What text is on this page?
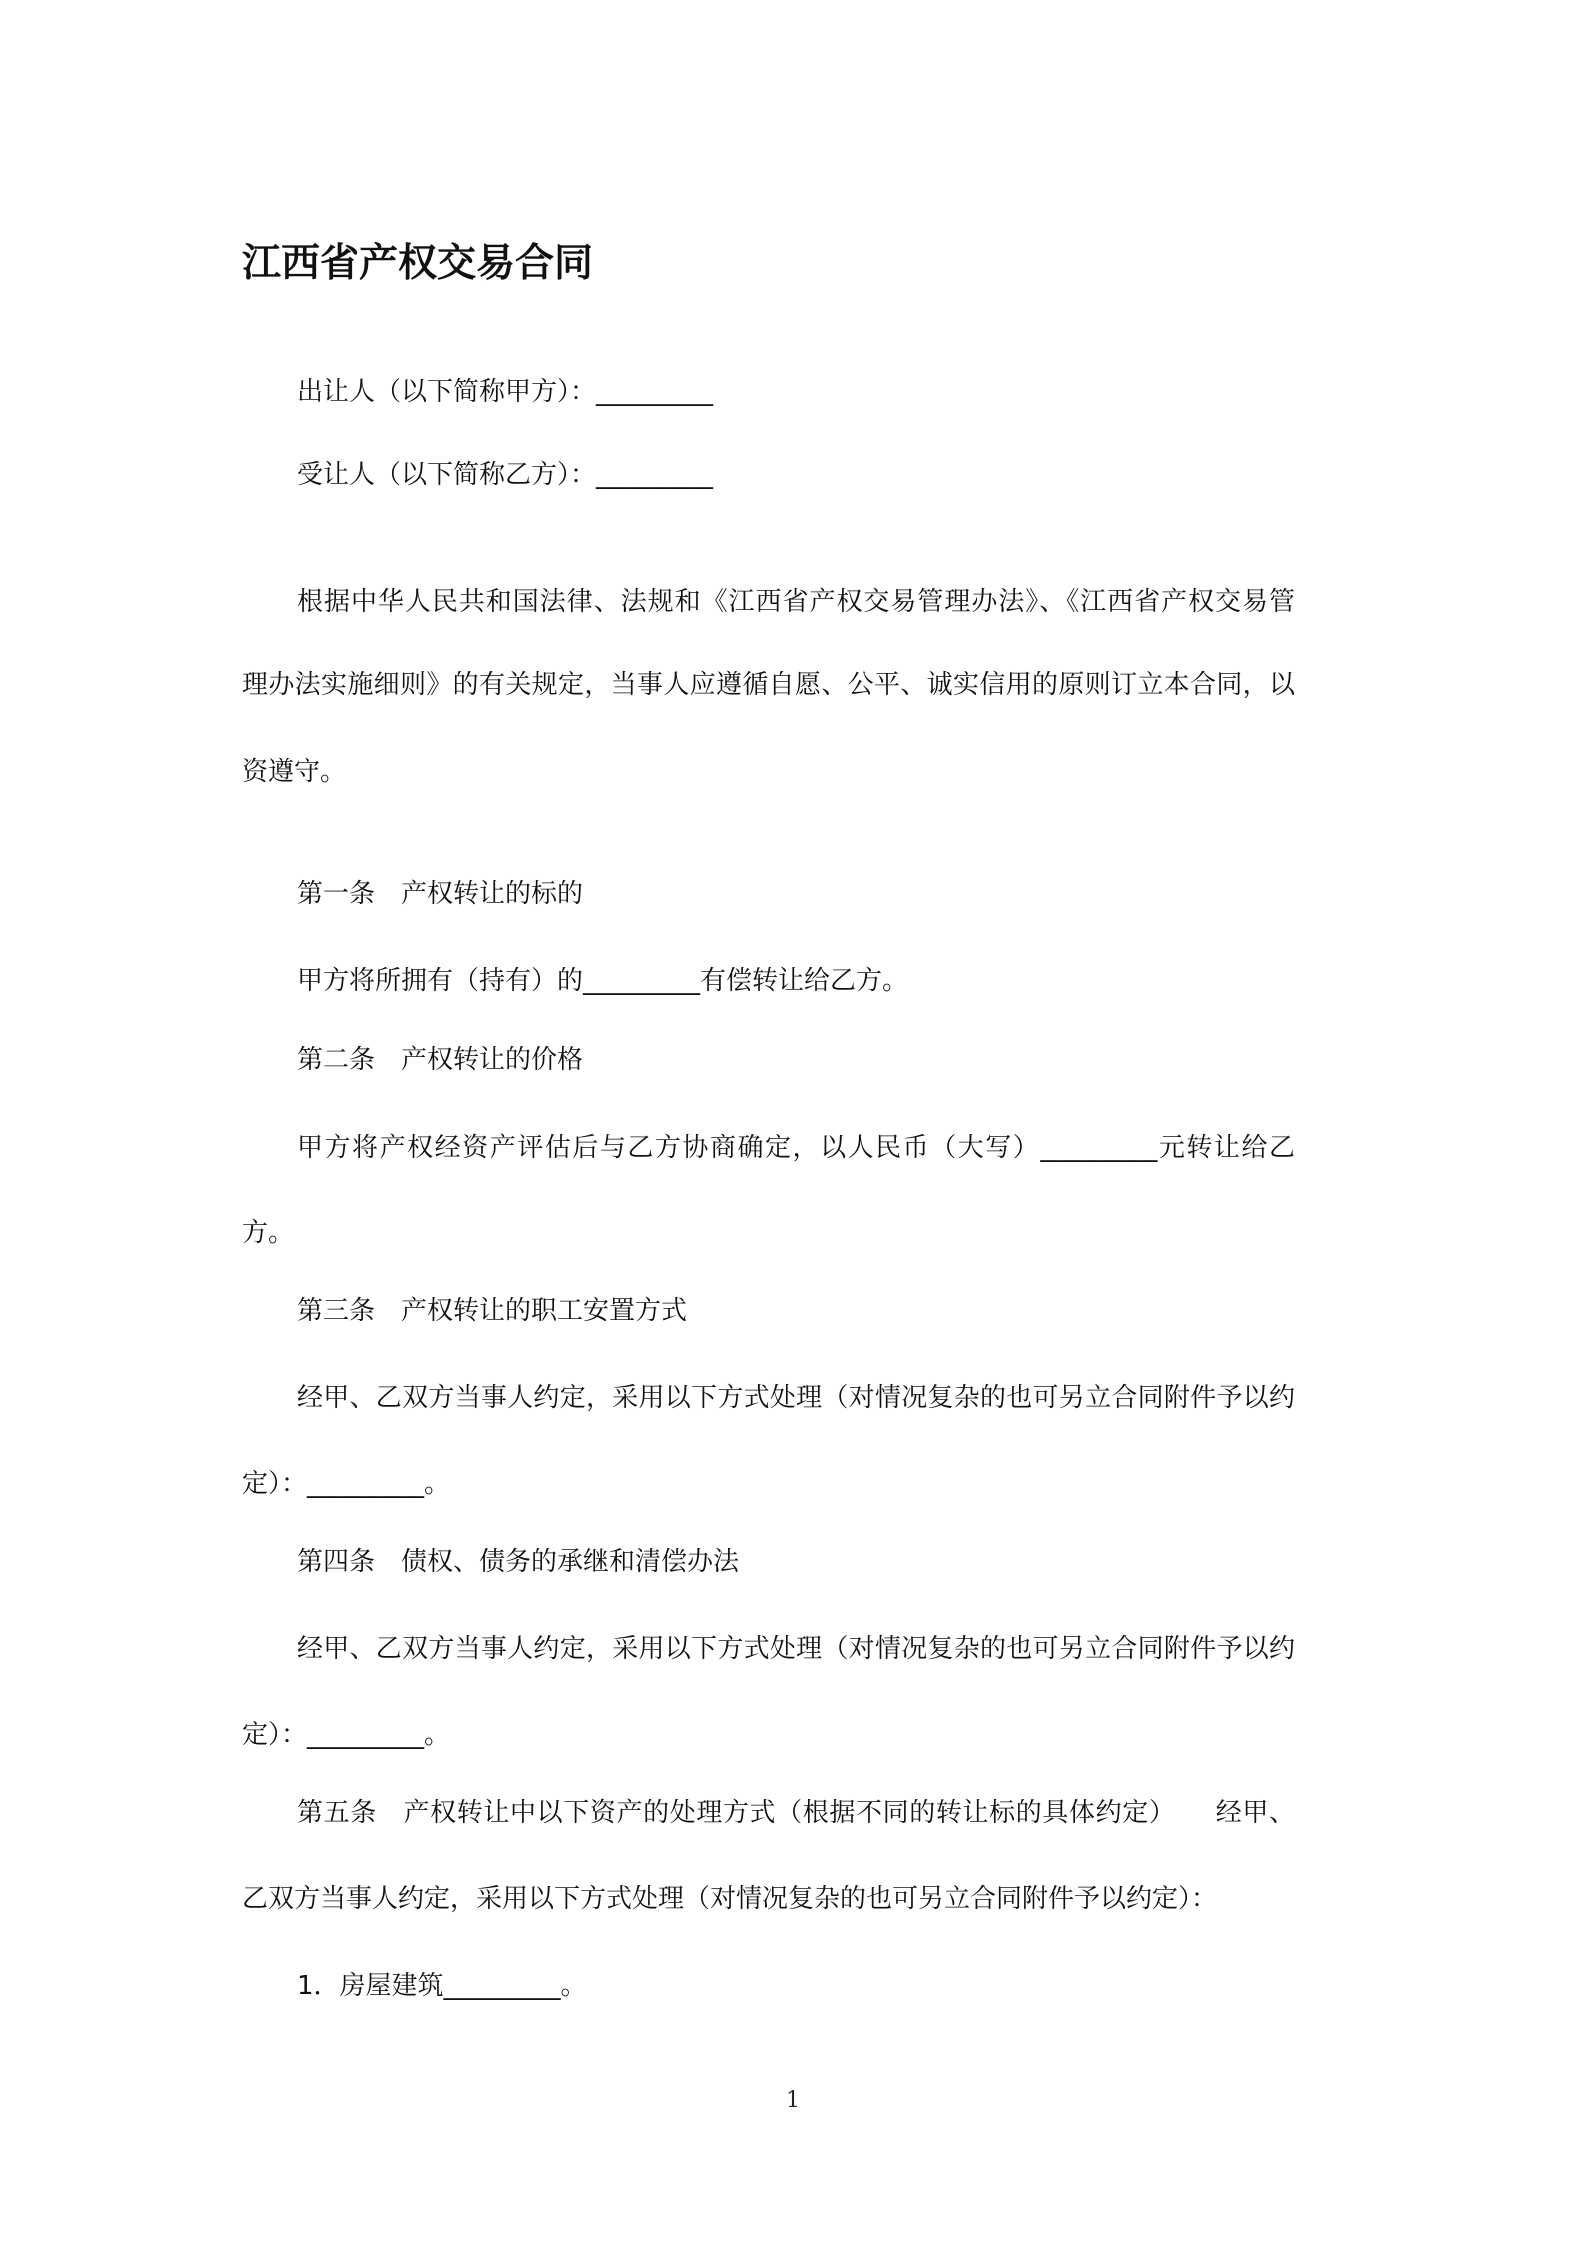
江西省产权交易合同
出让人（以下简称甲方）：_________
受让人（以下简称乙方）：_________
根据中华人民共和国法律、法规和《江西省产权交易管理办法》、《江西省产权交易管
理办法实施细则》的有关规定，当事人应遵循自愿、公平、诚实信用的原则订立本合同，以
资遵守。
第一条　产权转让的标的
甲方将所拥有（持有）的_________有偿转让给乙方。
第二条　产权转让的价格
甲方将产权经资产评估后与乙方协商确定，以人民币（大写）_________元转让给乙
方。
第三条　产权转让的职工安置方式
经甲、乙双方当事人约定，采用以下方式处理（对情况复杂的也可另立合同附件予以约
定）：_________。
第四条　债权、债务的承继和清偿办法
经甲、乙双方当事人约定，采用以下方式处理（对情况复杂的也可另立合同附件予以约
定）：_________。
第五条　产权转让中以下资产的处理方式（根据不同的转让标的具体约定）　　经甲、
乙双方当事人约定，采用以下方式处理（对情况复杂的也可另立合同附件予以约定）：
1．房屋建筑_________。
1
